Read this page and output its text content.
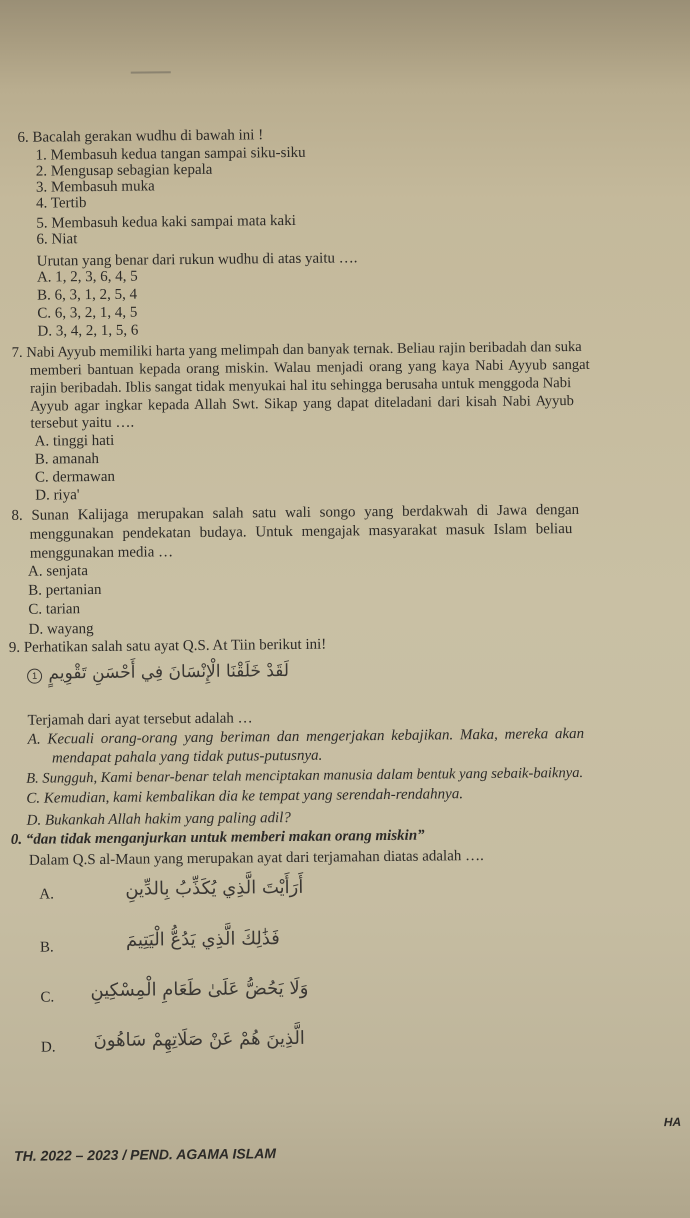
6. Bacalah gerakan wudhu di bawah ini !
1. Membasuh kedua tangan sampai siku-siku
2. Mengusap sebagian kepala
3. Membasuh muka
4. Tertib
5. Membasuh kedua kaki sampai mata kaki
6. Niat
Urutan yang benar dari rukun wudhu di atas yaitu ….
A. 1, 2, 3, 6, 4, 5
B. 6, 3, 1, 2, 5, 4
C. 6, 3, 2, 1, 4, 5
D. 3, 4, 2, 1, 5, 6
7. Nabi Ayyub memiliki harta yang melimpah dan banyak ternak. Beliau rajin beribadah dan suka
memberi bantuan kepada orang miskin. Walau menjadi orang yang kaya Nabi Ayyub sangat
rajin beribadah. Iblis sangat tidak menyukai hal itu sehingga berusaha untuk menggoda Nabi
Ayyub agar ingkar kepada Allah Swt. Sikap yang dapat diteladani dari kisah Nabi Ayyub
tersebut yaitu ….
A. tinggi hati
B. amanah
C. dermawan
D. riya'
8. Sunan Kalijaga merupakan salah satu wali songo yang berdakwah di Jawa dengan
menggunakan pendekatan budaya. Untuk mengajak masyarakat masuk Islam beliau
menggunakan media …
A. senjata
B. pertanian
C. tarian
D. wayang
9. Perhatikan salah satu ayat Q.S. At Tiin berikut ini!
1 لَقَدْ خَلَقْنَا الْإِنْسَانَ فِي أَحْسَنِ تَقْوِيمٍ
Terjamah dari ayat tersebut adalah …
A. Kecuali orang-orang yang beriman dan mengerjakan kebajikan. Maka, mereka akan
mendapat pahala yang tidak putus-putusnya.
B. Sungguh, Kami benar-benar telah menciptakan manusia dalam bentuk yang sebaik-baiknya.
C. Kemudian, kami kembalikan dia ke tempat yang serendah-rendahnya.
D. Bukankah Allah hakim yang paling adil?
0. “dan tidak menganjurkan untuk memberi makan orang miskin”
Dalam Q.S al-Maun yang merupakan ayat dari terjamahan diatas adalah ….
A.	أَرَأَيْتَ الَّذِي يُكَذِّبُ بِالدِّينِ
B.	فَذَٰلِكَ الَّذِي يَدُعُّ الْيَتِيمَ
C.	وَلَا يَحُضُّ عَلَىٰ طَعَامِ الْمِسْكِينِ
D.	الَّذِينَ هُمْ عَنْ صَلَاتِهِمْ سَاهُونَ
TH. 2022 – 2023 / PEND. AGAMA ISLAM
HA
